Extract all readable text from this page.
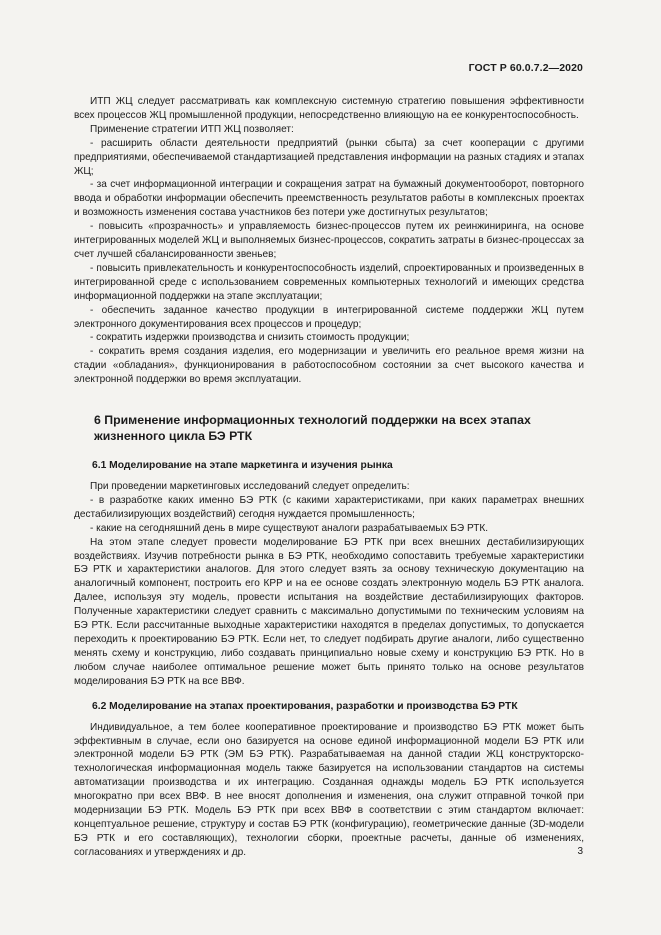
ГОСТ Р 60.0.7.2—2020

ИТП ЖЦ следует рассматривать как комплексную системную стратегию повышения эффективности всех процессов ЖЦ промышленной продукции, непосредственно влияющую на ее конкурентоспособность.

Применение стратегии ИТП ЖЦ позволяет:

- расширить области деятельности предприятий (рынки сбыта) за счет кооперации с другими предприятиями, обеспечиваемой стандартизацией представления информации на разных стадиях и этапах ЖЦ;

- за счет информационной интеграции и сокращения затрат на бумажный документооборот, повторного ввода и обработки информации обеспечить преемственность результатов работы в комплексных проектах и возможность изменения состава участников без потери уже достигнутых результатов;

- повысить «прозрачность» и управляемость бизнес-процессов путем их реинжиниринга, на основе интегрированных моделей ЖЦ и выполняемых бизнес-процессов, сократить затраты в бизнес-процессах за счет лучшей сбалансированности звеньев;

- повысить привлекательность и конкурентоспособность изделий, спроектированных и произведенных в интегрированной среде с использованием современных компьютерных технологий и имеющих средства информационной поддержки на этапе эксплуатации;

- обеспечить заданное качество продукции в интегрированной системе поддержки ЖЦ путем электронного документирования всех процессов и процедур;

- сократить издержки производства и снизить стоимость продукции;

- сократить время создания изделия, его модернизации и увеличить его реальное время жизни на стадии «обладания», функционирования в работоспособном состоянии за счет высокого качества и электронной поддержки во время эксплуатации.

6 Применение информационных технологий поддержки на всех этапах жизненного цикла БЭ РТК
6.1 Моделирование на этапе маркетинга и изучения рынка

При проведении маркетинговых исследований следует определить:

- в разработке каких именно БЭ РТК (с какими характеристиками, при каких параметрах внешних дестабилизирующих воздействий) сегодня нуждается промышленность;

- какие на сегодняшний день в мире существуют аналоги разрабатываемых БЭ РТК.

На этом этапе следует провести моделирование БЭ РТК при всех внешних дестабилизирующих воздействиях. Изучив потребности рынка в БЭ РТК, необходимо сопоставить требуемые характеристики БЭ РТК и характеристики аналогов. Для этого следует взять за основу техническую документацию на аналогичный компонент, построить его КРР и на ее основе создать электронную модель БЭ РТК аналога. Далее, используя эту модель, провести испытания на воздействие дестабилизирующих факторов. Полученные характеристики следует сравнить с максимально допустимыми по техническим условиям на БЭ РТК. Если рассчитанные выходные характеристики находятся в пределах допустимых, то допускается переходить к проектированию БЭ РТК. Если нет, то следует подбирать другие аналоги, либо существенно менять схему и конструкцию, либо создавать принципиально новые схему и конструкцию БЭ РТК. Но в любом случае наиболее оптимальное решение может быть принято только на основе результатов моделирования БЭ РТК на все ВВФ.

6.2 Моделирование на этапах проектирования, разработки и производства БЭ РТК

Индивидуальное, а тем более кооперативное проектирование и производство БЭ РТК может быть эффективным в случае, если оно базируется на основе единой информационной модели БЭ РТК или электронной модели БЭ РТК (ЭМ БЭ РТК). Разрабатываемая на данной стадии ЖЦ конструкторско-технологическая информационная модель также базируется на использовании стандартов на системы автоматизации производства и их интеграцию. Созданная однажды модель БЭ РТК используется многократно при всех ВВФ. В нее вносят дополнения и изменения, она служит отправной точкой при модернизации БЭ РТК. Модель БЭ РТК при всех ВВФ в соответствии с этим стандартом включает: концептуальное решение, структуру и состав БЭ РТК (конфигурацию), геометрические данные (3D-модели БЭ РТК и его составляющих), технологии сборки, проектные расчеты, данные об изменениях, согласованиях и утверждениях и др.	3
